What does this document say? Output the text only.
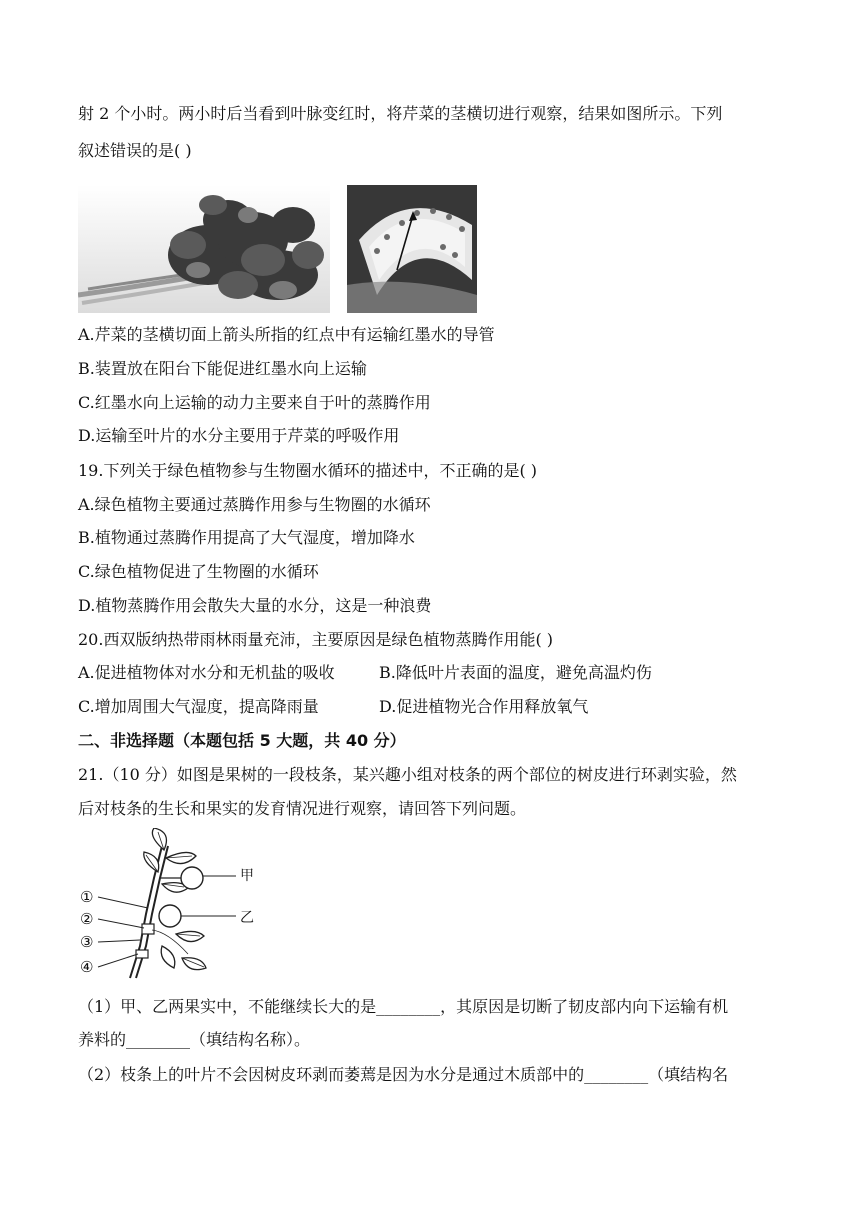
射 2 个小时。两小时后当看到叶脉变红时，将芹菜的茎横切进行观察，结果如图所示。下列
叙述错误的是( )
A.芹菜的茎横切面上箭头所指的红点中有运输红墨水的导管
B.装置放在阳台下能促进红墨水向上运输
C.红墨水向上运输的动力主要来自于叶的蒸腾作用
D.运输至叶片的水分主要用于芹菜的呼吸作用
19.下列关于绿色植物参与生物圈水循环的描述中，不正确的是( )
A.绿色植物主要通过蒸腾作用参与生物圈的水循环
B.植物通过蒸腾作用提高了大气湿度，增加降水
C.绿色植物促进了生物圈的水循环
D.植物蒸腾作用会散失大量的水分，这是一种浪费
20.西双版纳热带雨林雨量充沛，主要原因是绿色植物蒸腾作用能( )
A.促进植物体对水分和无机盐的吸收	B.降低叶片表面的温度，避免高温灼伤
C.增加周围大气湿度，提高降雨量	D.促进植物光合作用释放氧气
二、非选择题（本题包括 5 大题，共 40 分）
21.（10 分）如图是果树的一段枝条，某兴趣小组对枝条的两个部位的树皮进行环剥实验，然
后对枝条的生长和果实的发育情况进行观察，请回答下列问题。
甲
乙
①
②
③
④
（1）甲、乙两果实中，不能继续长大的是________，其原因是切断了韧皮部内向下运输有机
养料的________（填结构名称）。
（2）枝条上的叶片不会因树皮环剥而萎蔫是因为水分是通过木质部中的________（填结构名
